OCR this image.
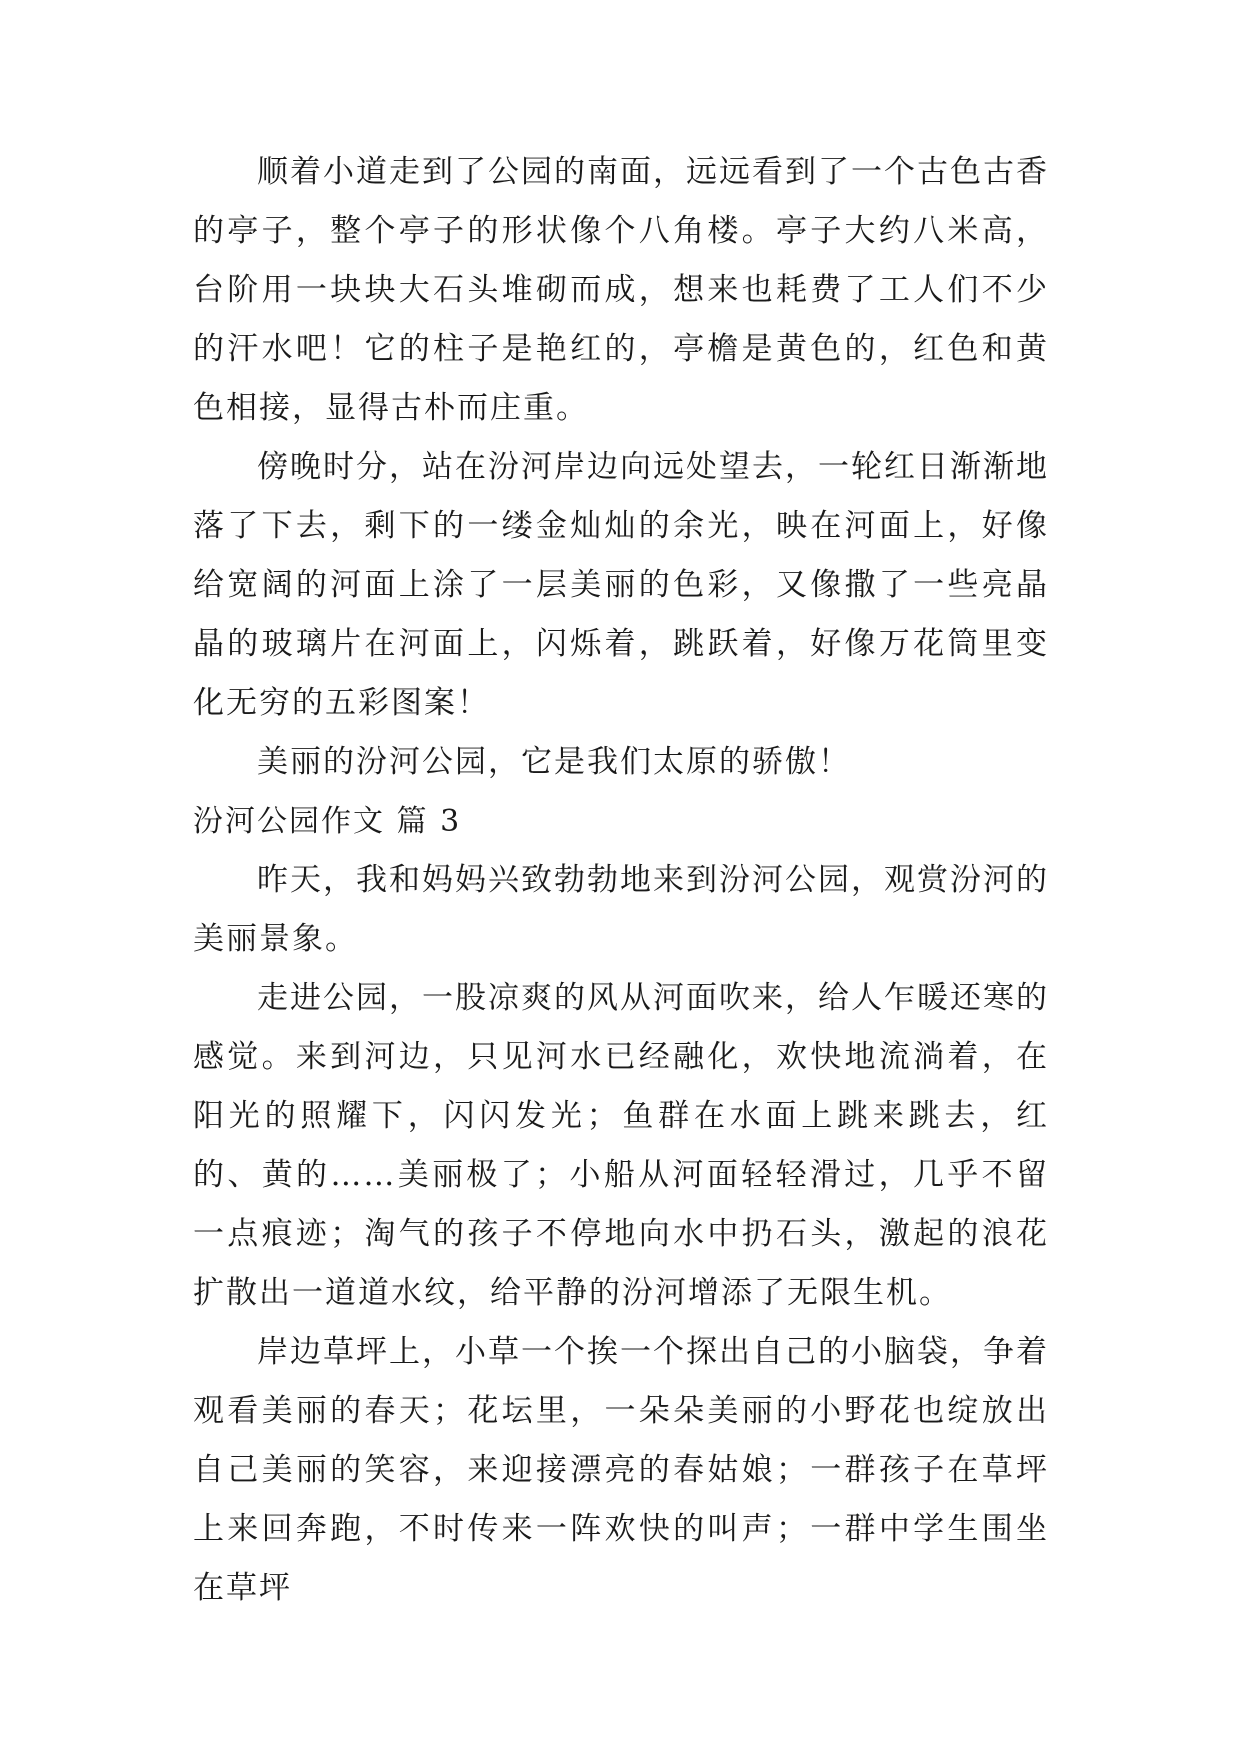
顺着小道走到了公园的南面，远远看到了一个古色古香的亭子，整个亭子的形状像个八角楼。亭子大约八米高，台阶用一块块大石头堆砌而成，想来也耗费了工人们不少的汗水吧！它的柱子是艳红的，亭檐是黄色的，红色和黄色相接，显得古朴而庄重。

傍晚时分，站在汾河岸边向远处望去，一轮红日渐渐地落了下去，剩下的一缕金灿灿的余光，映在河面上，好像给宽阔的河面上涂了一层美丽的色彩，又像撒了一些亮晶晶的玻璃片在河面上，闪烁着，跳跃着，好像万花筒里变化无穷的五彩图案！

美丽的汾河公园，它是我们太原的骄傲！

汾河公园作文 篇 3

昨天，我和妈妈兴致勃勃地来到汾河公园，观赏汾河的美丽景象。

走进公园，一股凉爽的风从河面吹来，给人乍暖还寒的感觉。来到河边，只见河水已经融化，欢快地流淌着，在阳光的照耀下，闪闪发光；鱼群在水面上跳来跳去，红的、黄的……美丽极了；小船从河面轻轻滑过，几乎不留一点痕迹；淘气的孩子不停地向水中扔石头，激起的浪花扩散出一道道水纹，给平静的汾河增添了无限生机。

岸边草坪上，小草一个挨一个探出自己的小脑袋，争着观看美丽的春天；花坛里，一朵朵美丽的小野花也绽放出自己美丽的笑容，来迎接漂亮的春姑娘；一群孩子在草坪上来回奔跑，不时传来一阵欢快的叫声；一群中学生围坐在草坪
